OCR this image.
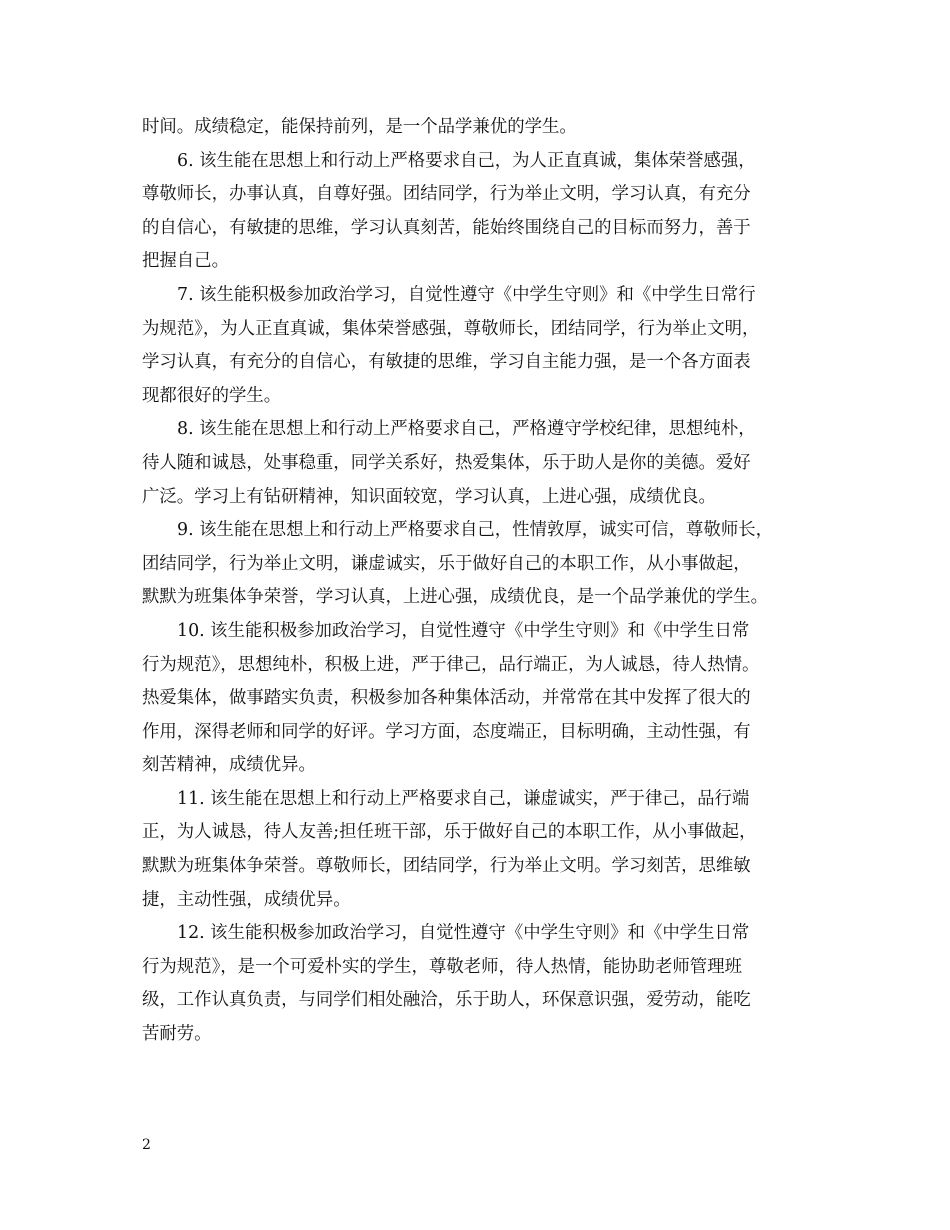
时间。成绩稳定，能保持前列，是一个品学兼优的学生。
6. 该生能在思想上和行动上严格要求自己，为人正直真诚，集体荣誉感强，
尊敬师长，办事认真，自尊好强。团结同学，行为举止文明，学习认真，有充分
的自信心，有敏捷的思维，学习认真刻苦，能始终围绕自己的目标而努力，善于
把握自己。
7. 该生能积极参加政治学习，自觉性遵守《中学生守则》和《中学生日常行
为规范》，为人正直真诚，集体荣誉感强，尊敬师长，团结同学，行为举止文明，
学习认真，有充分的自信心，有敏捷的思维，学习自主能力强，是一个各方面表
现都很好的学生。
8. 该生能在思想上和行动上严格要求自己，严格遵守学校纪律，思想纯朴，
待人随和诚恳，处事稳重，同学关系好，热爱集体，乐于助人是你的美德。爱好
广泛。学习上有钻研精神，知识面较宽，学习认真，上进心强，成绩优良。
9. 该生能在思想上和行动上严格要求自己，性情敦厚，诚实可信，尊敬师长，
团结同学，行为举止文明，谦虚诚实，乐于做好自己的本职工作，从小事做起，
默默为班集体争荣誉，学习认真，上进心强，成绩优良，是一个品学兼优的学生。
10. 该生能积极参加政治学习，自觉性遵守《中学生守则》和《中学生日常
行为规范》，思想纯朴，积极上进，严于律己，品行端正，为人诚恳，待人热情。
热爱集体，做事踏实负责，积极参加各种集体活动，并常常在其中发挥了很大的
作用，深得老师和同学的好评。学习方面，态度端正，目标明确，主动性强，有
刻苦精神，成绩优异。
11. 该生能在思想上和行动上严格要求自己，谦虚诚实，严于律己，品行端
正，为人诚恳，待人友善;担任班干部，乐于做好自己的本职工作，从小事做起，
默默为班集体争荣誉。尊敬师长，团结同学，行为举止文明。学习刻苦，思维敏
捷，主动性强，成绩优异。
12. 该生能积极参加政治学习，自觉性遵守《中学生守则》和《中学生日常
行为规范》，是一个可爱朴实的学生，尊敬老师，待人热情，能协助老师管理班
级，工作认真负责，与同学们相处融洽，乐于助人，环保意识强，爱劳动，能吃
苦耐劳。
2
